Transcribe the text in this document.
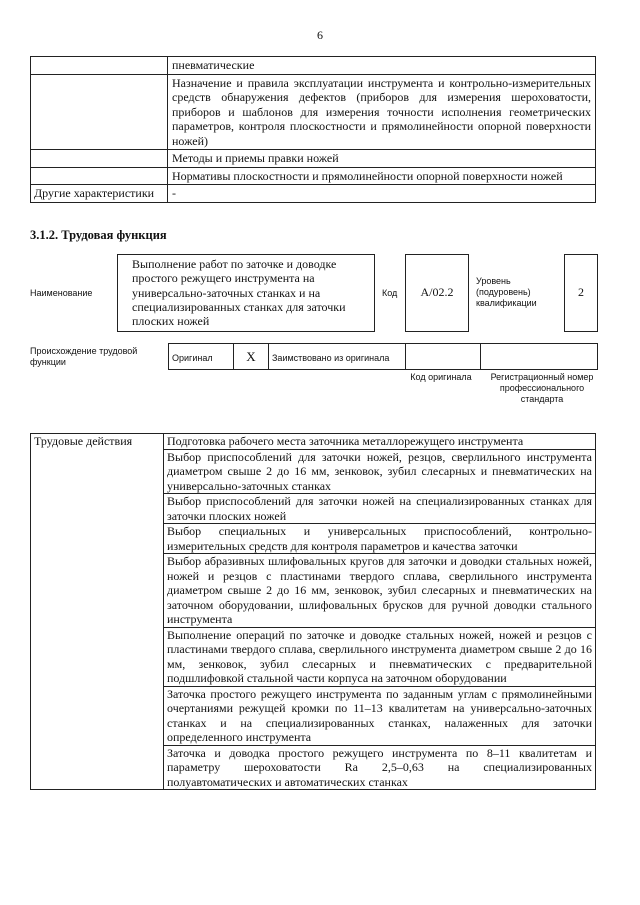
6
	пневматические
	Назначение и правила эксплуатации инструмента и контрольно-измерительных средств обнаружения дефектов (приборов для измерения шероховатости, приборов и шаблонов для измерения точности исполнения геометрических параметров, контроля плоскостности и прямолинейности опорной поверхности ножей)
	Методы и приемы правки ножей
	Нормативы плоскостности и прямолинейности опорной поверхности ножей
Другие характеристики	-
3.1.2. Трудовая функция
Наименование
Выполнение работ по заточке и доводке простого режущего инструмента на универсально-заточных станках и на специализированных станках для заточки плоских ножей
Код	A/02.2
Уровень (подуровень) квалификации
2
Происхождение трудовой функции	Оригинал	X	Заимствовано из оригинала		
Код оригинала	Регистрационный номер профессионального стандарта
Трудовые действия	Подготовка рабочего места заточника металлорежущего инструмента
Выбор приспособлений для заточки ножей, резцов, сверлильного инструмента диаметром свыше 2 до 16 мм, зенковок, зубил слесарных и пневматических на универсально-заточных станках
Выбор приспособлений для заточки ножей на специализированных станках для заточки плоских ножей
Выбор специальных и универсальных приспособлений, контрольно-измерительных средств для контроля параметров и качества заточки
Выбор абразивных шлифовальных кругов для заточки и доводки стальных ножей, ножей и резцов с пластинами твердого сплава, сверлильного инструмента диаметром свыше 2 до 16 мм, зенковок, зубил слесарных и пневматических на заточном оборудовании, шлифовальных брусков для ручной доводки стального инструмента
Выполнение операций по заточке и доводке стальных ножей, ножей и резцов с пластинами твердого сплава, сверлильного инструмента диаметром свыше 2 до 16 мм, зенковок, зубил слесарных и пневматических с предварительной подшлифовкой стальной части корпуса на заточном оборудовании
Заточка простого режущего инструмента по заданным углам с прямолинейными очертаниями режущей кромки по 11–13 квалитетам на универсально-заточных станках и на специализированных станках, налаженных для заточки определенного инструмента
Заточка и доводка простого режущего инструмента по 8–11 квалитетам и параметру шероховатости Ra 2,5–0,63 на специализированных полуавтоматических и автоматических станках
